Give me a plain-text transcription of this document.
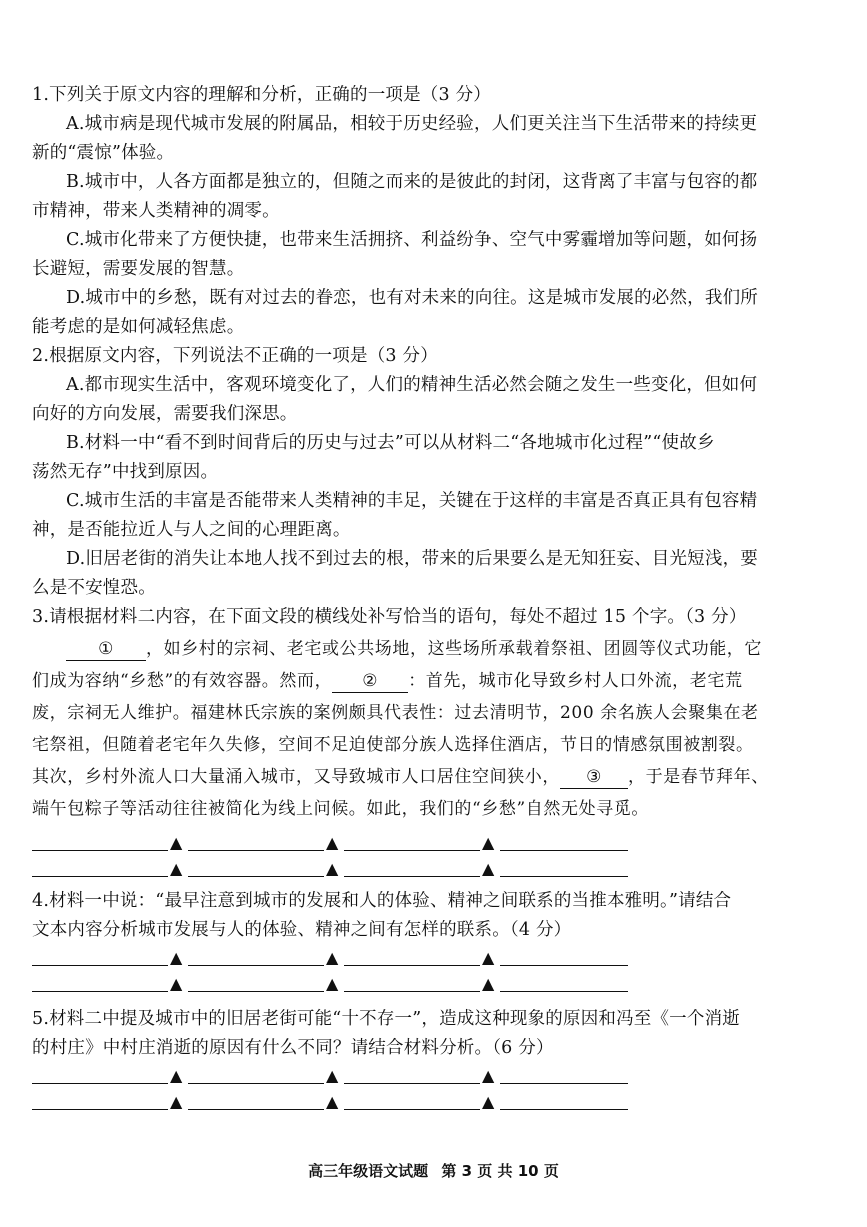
1.下列关于原文内容的理解和分析，正确的一项是（3 分）
A.城市病是现代城市发展的附属品，相较于历史经验，人们更关注当下生活带来的持续更
新的“震惊”体验。
B.城市中，人各方面都是独立的，但随之而来的是彼此的封闭，这背离了丰富与包容的都
市精神，带来人类精神的凋零。
C.城市化带来了方便快捷，也带来生活拥挤、利益纷争、空气中雾霾增加等问题，如何扬
长避短，需要发展的智慧。
D.城市中的乡愁，既有对过去的眷恋，也有对未来的向往。这是城市发展的必然，我们所
能考虑的是如何减轻焦虑。
2.根据原文内容，下列说法不正确的一项是（3 分）
A.都市现实生活中，客观环境变化了，人们的精神生活必然会随之发生一些变化，但如何
向好的方向发展，需要我们深思。
B.材料一中“看不到时间背后的历史与过去”可以从材料二“各地城市化过程”“使故乡
荡然无存”中找到原因。
C.城市生活的丰富是否能带来人类精神的丰足，关键在于这样的丰富是否真正具有包容精
神，是否能拉近人与人之间的心理距离。
D.旧居老街的消失让本地人找不到过去的根，带来的后果要么是无知狂妄、目光短浅，要
么是不安惶恐。
3.请根据材料二内容，在下面文段的横线处补写恰当的语句，每处不超过 15 个字。（3 分）
① ，如乡村的宗祠、老宅或公共场地，这些场所承载着祭祖、团圆等仪式功能，它
们成为容纳“乡愁”的有效容器。然而， ② ：首先，城市化导致乡村人口外流，老宅荒
废，宗祠无人维护。福建林氏宗族的案例颇具代表性：过去清明节，200 余名族人会聚集在老
宅祭祖，但随着老宅年久失修，空间不足迫使部分族人选择住酒店，节日的情感氛围被割裂。
其次，乡村外流人口大量涌入城市，又导致城市人口居住空间狭小， ③ ，于是春节拜年、
端午包粽子等活动往往被简化为线上问候。如此，我们的“乡愁”自然无处寻觅。
▲	▲	▲
▲	▲	▲
4.材料一中说：“最早注意到城市的发展和人的体验、精神之间联系的当推本雅明。”请结合
文本内容分析城市发展与人的体验、精神之间有怎样的联系。（4 分）
▲	▲	▲
▲	▲	▲
5.材料二中提及城市中的旧居老街可能“十不存一”，造成这种现象的原因和冯至《一个消逝
的村庄》中村庄消逝的原因有什么不同？请结合材料分析。（6 分）
▲	▲	▲
▲	▲	▲
高三年级语文试题 第 3 页 共 10 页
